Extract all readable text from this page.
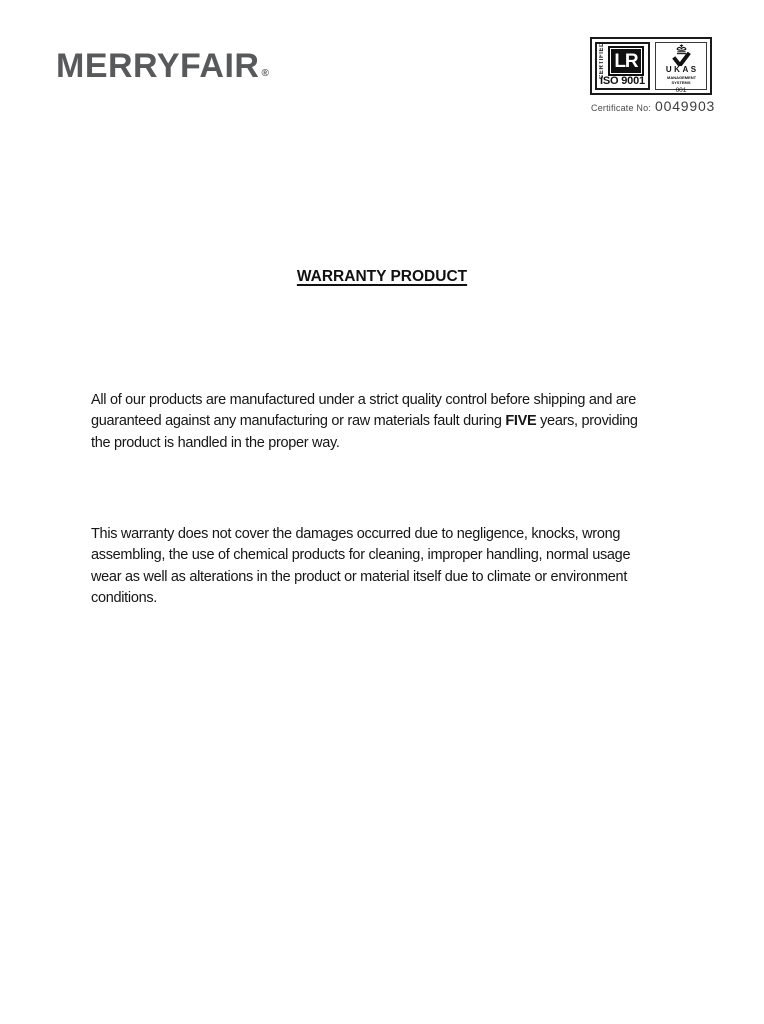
MERRYFAIR ®	CERTIFIED LR
ISO 9001
UKAS
MANAGEMENT SYSTEMS
001
Certificate No: 0049903
WARRANTY PRODUCT
All of our products are manufactured under a strict quality control before shipping and are
guaranteed against any manufacturing or raw materials fault during FIVE years, providing
the product is handled in the proper way.
This warranty does not cover the damages occurred due to negligence, knocks, wrong
assembling, the use of chemical products for cleaning, improper handling, normal usage
wear as well as alterations in the product or material itself due to climate or environment
conditions.
